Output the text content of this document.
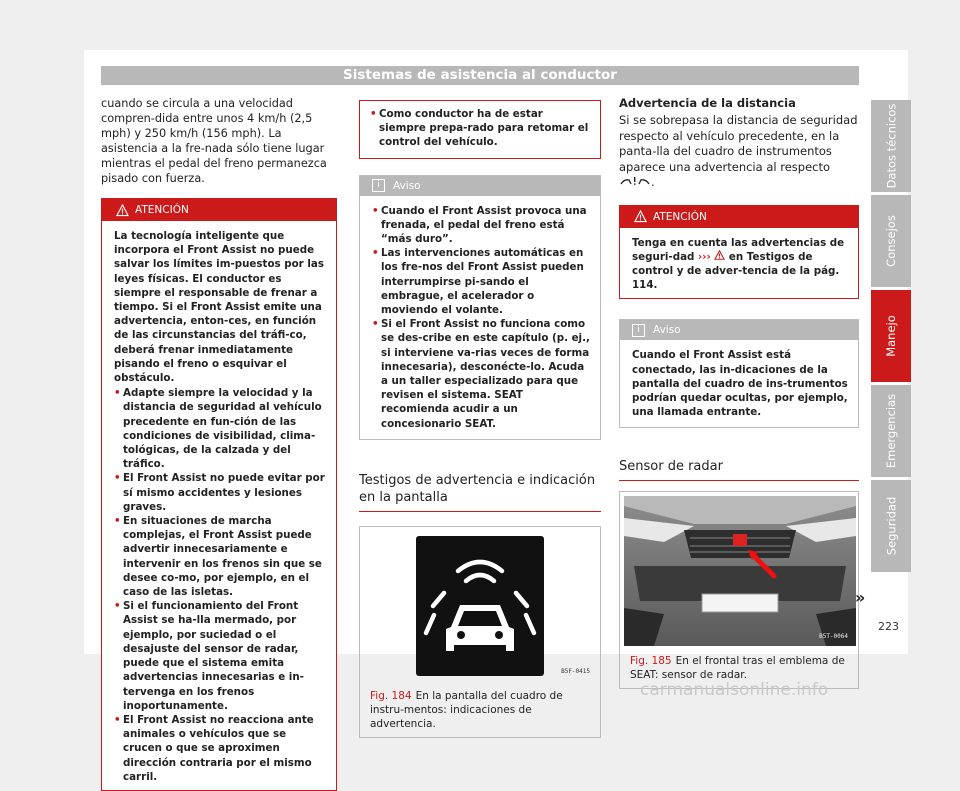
Sistemas de asistencia al conductor

cuando se circula a una velocidad compren-dida entre unos 4 km/h (2,5 mph) y 250 km/h (156 mph). La asistencia a la fre-nada sólo tiene lugar mientras el pedal del freno permanezca pisado con fuerza.

ATENCIÓN

La tecnología inteligente que incorpora el Front Assist no puede salvar los límites im-puestos por las leyes físicas. El conductor es siempre el responsable de frenar a tiempo. Si el Front Assist emite una advertencia, enton-ces, en función de las circunstancias del tráfi-co, deberá frenar inmediatamente pisando el freno o esquivar el obstáculo.

• Adapte siempre la velocidad y la distancia de seguridad al vehículo precedente en fun-ción de las condiciones de visibilidad, clima-tológicas, de la calzada y del tráfico.

• El Front Assist no puede evitar por sí mismo accidentes y lesiones graves.

• En situaciones de marcha complejas, el Front Assist puede advertir innecesariamente e intervenir en los frenos sin que se desee co-mo, por ejemplo, en el caso de las isletas.

• Si el funcionamiento del Front Assist se ha-lla mermado, por ejemplo, por suciedad o el desajuste del sensor de radar, puede que el sistema emita advertencias innecesarias e in-tervenga en los frenos inoportunamente.

• El Front Assist no reacciona ante animales o vehículos que se crucen o que se aproximen dirección contraria por el mismo carril.

• Como conductor ha de estar siempre prepa-rado para retomar el control del vehículo.

i	Aviso

• Cuando el Front Assist provoca una frenada, el pedal del freno está “más duro”.

• Las intervenciones automáticas en los fre-nos del Front Assist pueden interrumpirse pi-sando el embrague, el acelerador o moviendo el volante.

• Si el Front Assist no funciona como se des-cribe en este capítulo (p. ej., si interviene va-rias veces de forma innecesaria), desconécte-lo. Acuda a un taller especializado para que revisen el sistema. SEAT recomienda acudir a un concesionario SEAT.

Testigos de advertencia e indicación en la pantalla
B5F-0415
Fig. 184 En la pantalla del cuadro de instru-mentos: indicaciones de advertencia.

Advertencia de la distancia

Si se sobrepasa la distancia de seguridad respecto al vehículo precedente, en la panta-lla del cuadro de instrumentos aparece una advertencia al respecto .

ATENCIÓN
Tenga en cuenta las advertencias de seguri-dad ››› en Testigos de control y de adver-tencia de la pág. 114.
i	Aviso

Cuando el Front Assist está conectado, las in-dicaciones de la pantalla del cuadro de ins-trumentos podrían quedar ocultas, por ejemplo, una llamada entrante.

Sensor de radar
B5T-0064
Fig. 185 En el frontal tras el emblema de SEAT: sensor de radar.
Datos técnicos
Consejos
Manejo
Emergencias
Seguridad
»
223
carmanualsonline.info
